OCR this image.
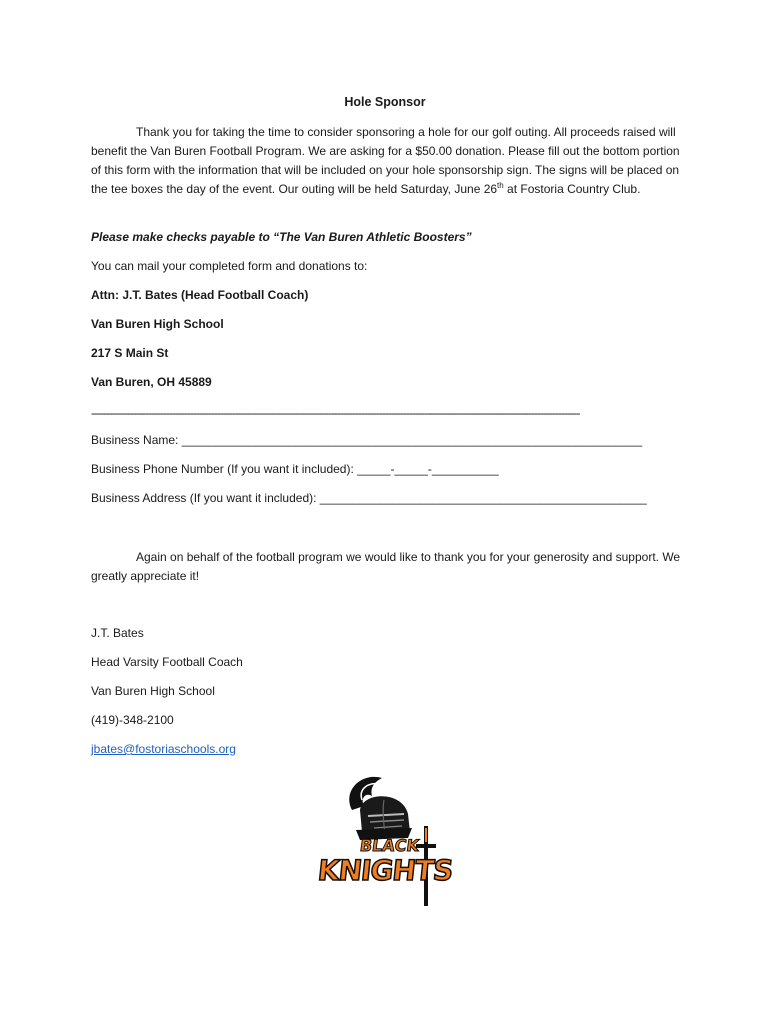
Hole Sponsor
Thank you for taking the time to consider sponsoring a hole for our golf outing. All proceeds raised will benefit the Van Buren Football Program. We are asking for a $50.00 donation. Please fill out the bottom portion of this form with the information that will be included on your hole sponsorship sign. The signs will be placed on the tee boxes the day of the event. Our outing will be held Saturday, June 26th at Fostoria Country Club.
Please make checks payable to “The Van Buren Athletic Boosters”
You can mail your completed form and donations to:
Attn: J.T. Bates (Head Football Coach)
Van Buren High School
217 S Main St
Van Buren, OH 45889
-------------------------------------------------------------------------------------------------------------------------------------------------------------------
Business Name: _____________________________________________________________________
Business Phone Number (If you want it included): _____-_____-__________
Business Address (If you want it included): _________________________________________________
Again on behalf of the football program we would like to thank you for your generosity and support. We greatly appreciate it!
J.T. Bates
Head Varsity Football Coach
Van Buren High School
(419)-348-2100
jbates@fostoriaschools.org
BLACK
KNIGHTS
